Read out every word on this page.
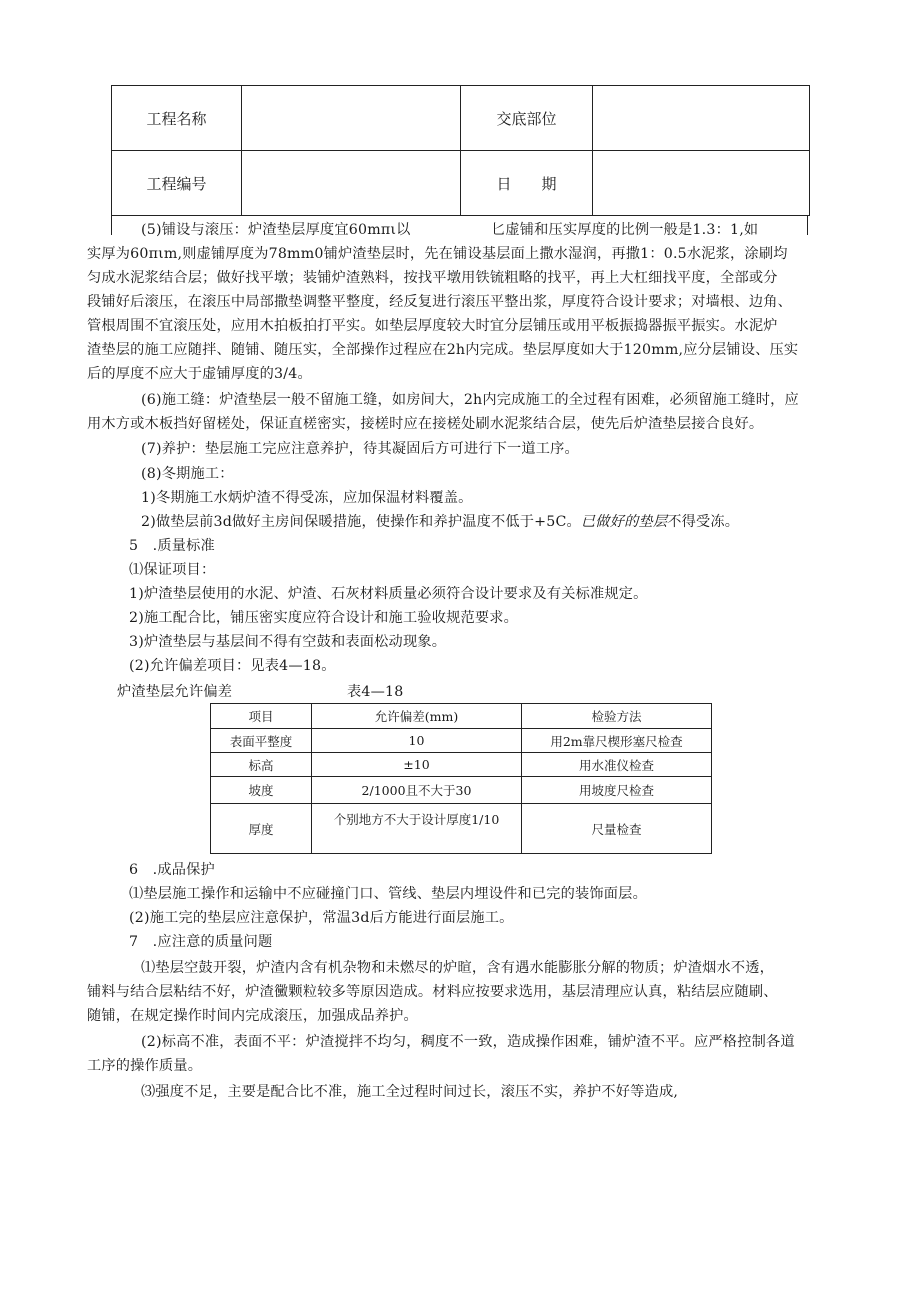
工程名称		交底部位	
工程编号		日　　期	
(5)铺设与滚压：炉渣垫层厚度宜60mπι以	匕虚铺和压实厚度的比例一般是1.3：1,如
实厚为60πιm,则虚铺厚度为78mm0铺炉渣垫层时，先在铺设基层面上撒水湿润，再撒1：0.5水泥浆，涂刷均
匀成水泥浆结合层；做好找平墩；装铺炉渣熟料，按找平墩用铁锍粗略的找平，再上大杠细找平度，全部或分
段铺好后滚压，在滚压中局部撒垫调整平整度，经反复进行滚压平整出浆，厚度符合设计要求；对墙根、边角、
管根周围不宜滚压处，应用木拍板拍打平实。如垫层厚度较大时宜分层铺压或用平板振捣器振平振实。水泥炉
渣垫层的施工应随拌、随铺、随压实，全部操作过程应在2h内完成。垫层厚度如大于120mm,应分层铺设、压实
后的厚度不应大于虚铺厚度的3/4。
(6)施工缝：炉渣垫层一般不留施工缝，如房间大，2h内完成施工的全过程有困难，必须留施工缝时，应
用木方或木板挡好留槎处，保证直槎密实，接槎时应在接槎处刷水泥浆结合层，使先后炉渣垫层接合良好。
(7)养护：垫层施工完应注意养护，待其凝固后方可进行下一道工序。
(8)冬期施工：
1)冬期施工水炳炉渣不得受冻，应加保温材料覆盖。
2)做垫层前3d做好主房间保暖措施，使操作和养护温度不低于+5C。已做好的垫层不得受冻。
5　.质量标准
⑴保证项目：
1)炉渣垫层使用的水泥、炉渣、石灰材料质量必须符合设计要求及有关标准规定。
2)施工配合比，铺压密实度应符合设计和施工验收规范要求。
3)炉渣垫层与基层间不得有空鼓和表面松动现象。
(2)允许偏差项目：见表4—18。
炉渣垫层允许偏差	表4—18
6　.成品保护
⑴垫层施工操作和运输中不应碰撞门口、管线、垫层内埋设件和已完的装饰面层。
(2)施工完的垫层应注意保护，常温3d后方能进行面层施工。
7　.应注意的质量问题
⑴垫层空鼓开裂，炉渣内含有机杂物和未燃尽的炉暄，含有遇水能膨胀分解的物质；炉渣烟水不透，
铺料与结合层粘结不好，炉渣黴颗粒较多等原因造成。材料应按要求选用，基层清理应认真，粘结层应随刷、
随铺，在规定操作时间内完成滚压，加强成品养护。
(2)标高不准，表面不平：炉渣搅拌不均匀，稠度不一致，造成操作困难，铺炉渣不平。应严格控制各道
工序的操作质量。
⑶强度不足，主要是配合比不准，施工全过程时间过长，滚压不实，养护不好等造成,
项目	允许偏差(mm)	检验方法
表面平整度	10	用2m靠尺楔形塞尺检查
标高	±10	用水准仪检查
坡度	2/1000且不大于30	用坡度尺检查
厚度	个别地方不大于设计厚度1/10	尺量检查
